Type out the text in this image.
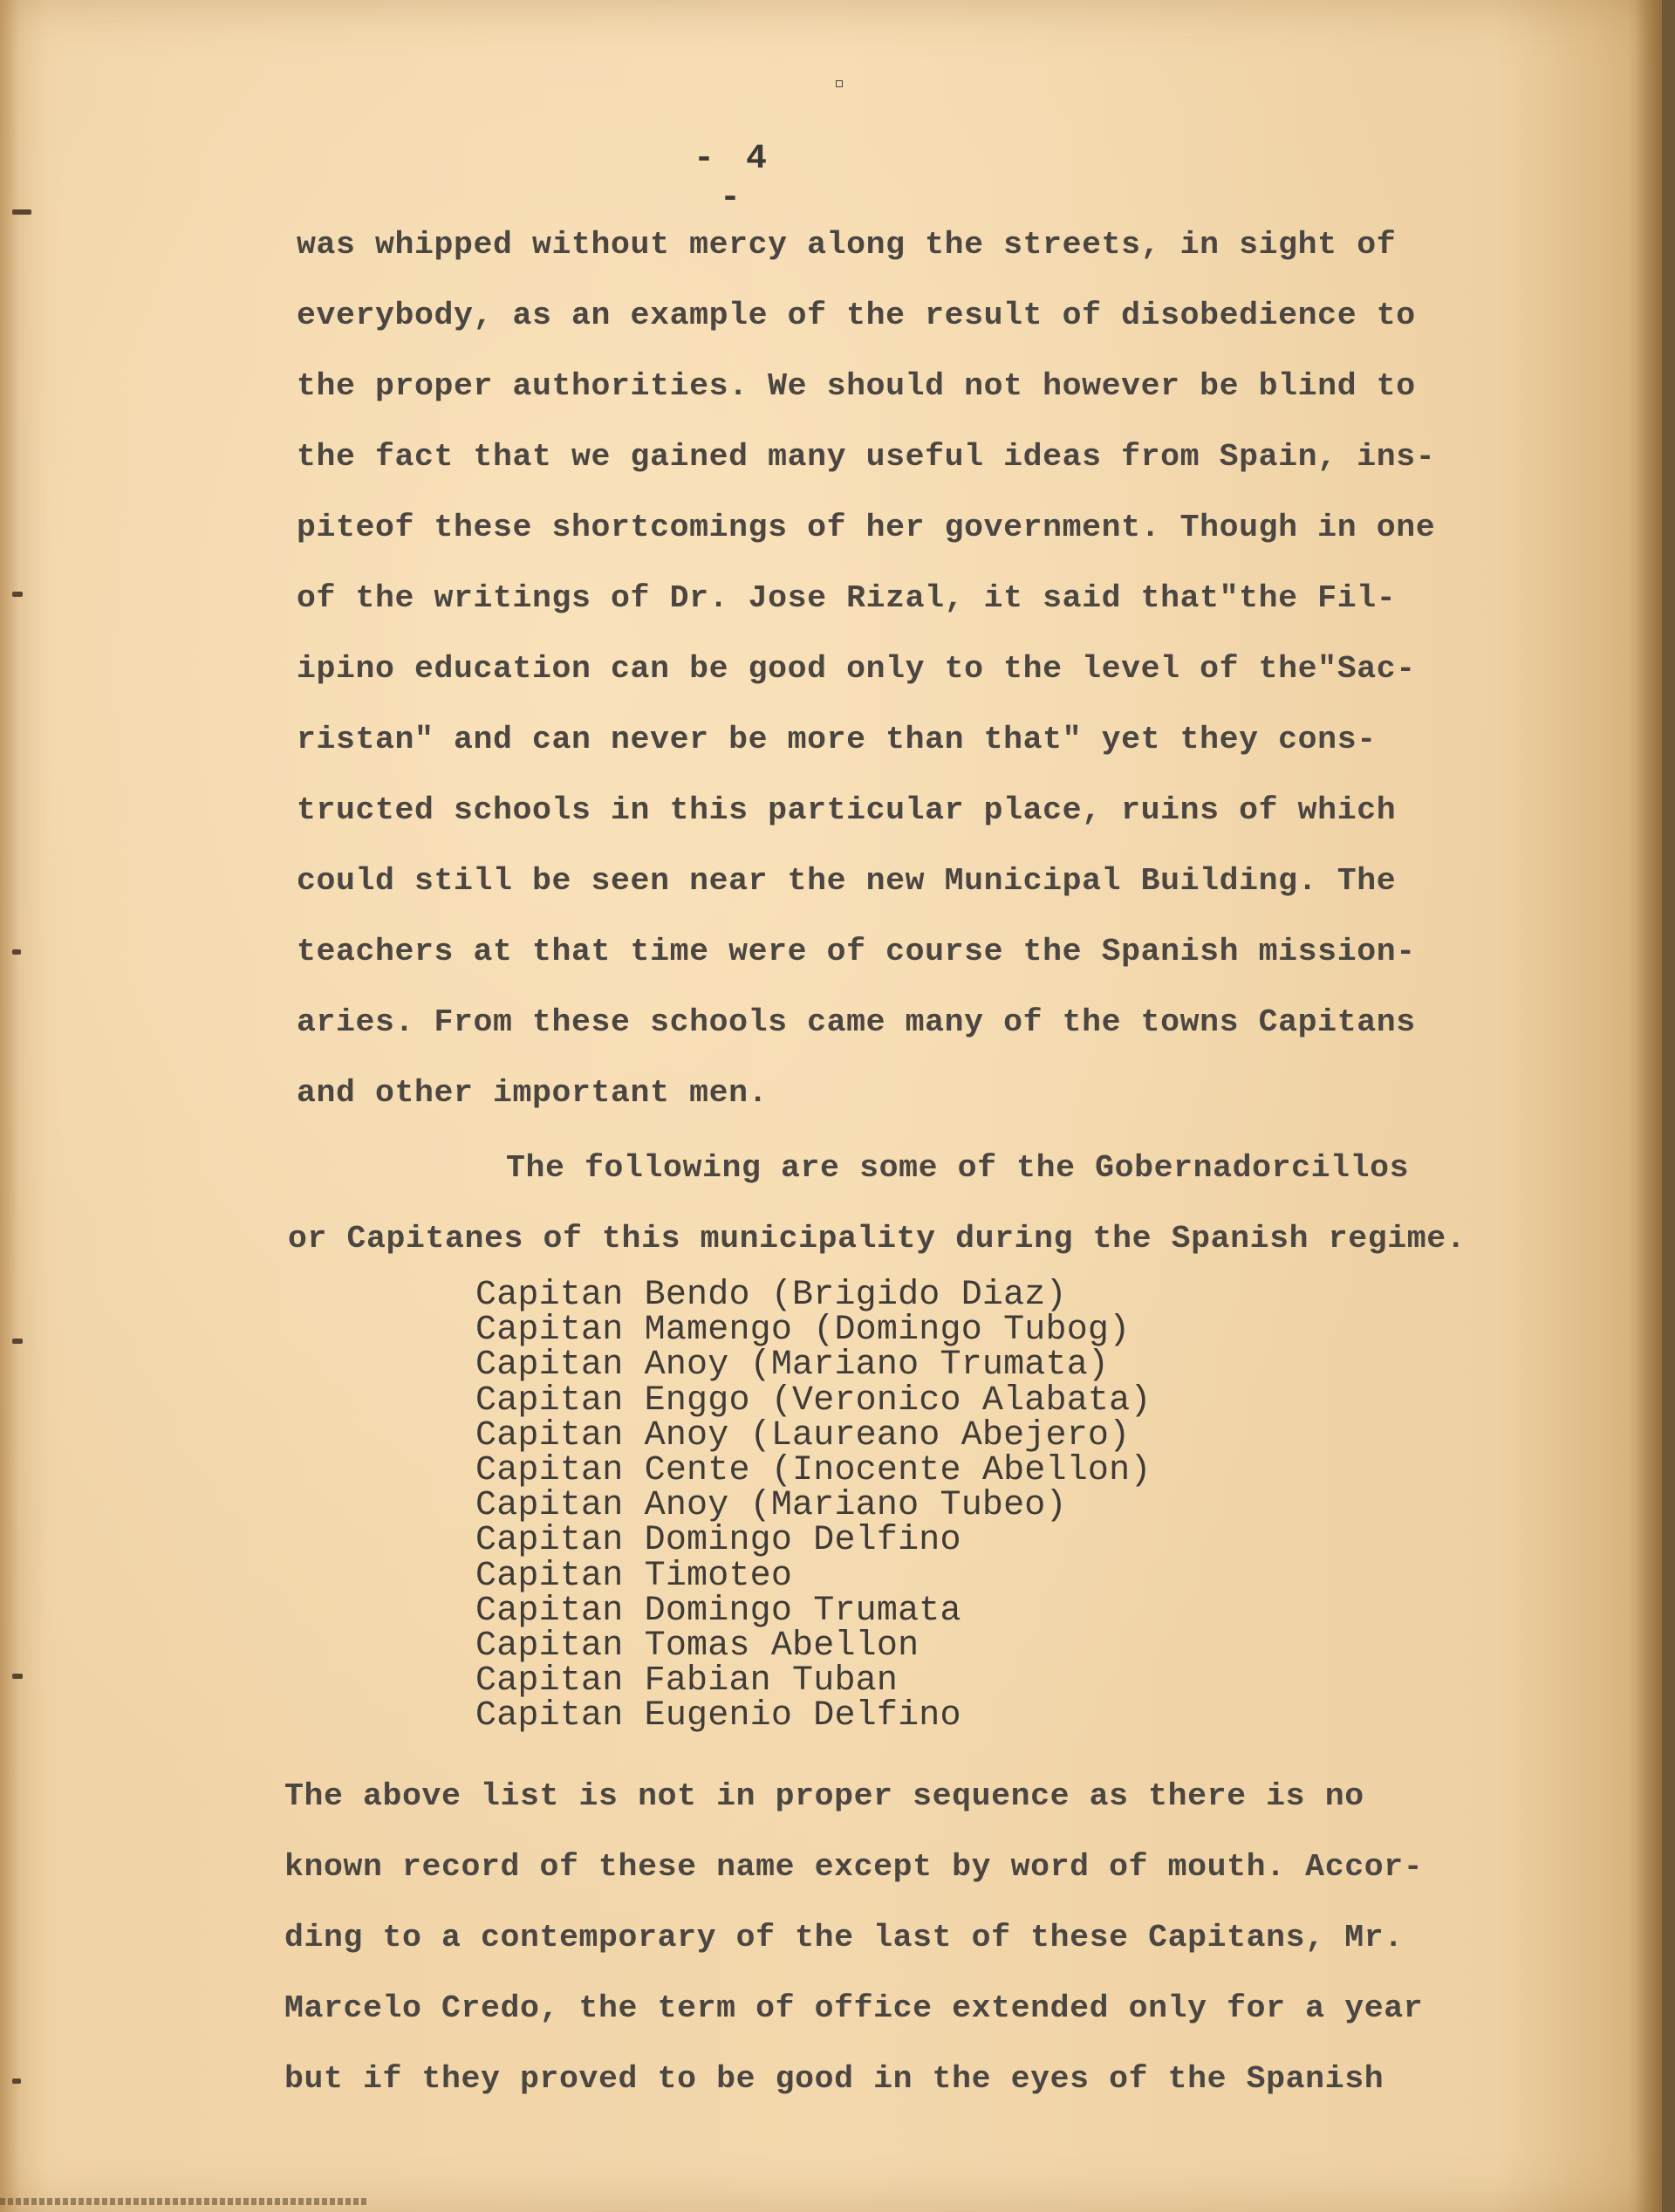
- 4 -

was whipped without mercy along the streets, in sight of
everybody, as an example of the result of disobedience to
the proper authorities. We should not however be blind to
the fact that we gained many useful ideas from Spain, ins-
piteof these shortcomings of her government. Though in one
of the writings of Dr. Jose Rizal, it said that"the Fil-
ipino education can be good only to the level of the"Sac-
ristan" and can never be more than that" yet they cons-
tructed schools in this particular place, ruins of which
could still be seen near the new Municipal Building. The
teachers at that time were of course the Spanish mission-
aries. From these schools came many of the towns Capitans
and other important men.

The following are some of the Gobernadorcillos
or Capitanes of this municipality during the Spanish regime.

Capitan Bendo (Brigido Diaz)
Capitan Mamengo (Domingo Tubog)
Capitan Anoy (Mariano Trumata)
Capitan Enggo (Veronico Alabata)
Capitan Anoy (Laureano Abejero)
Capitan Cente (Inocente Abellon)
Capitan Anoy (Mariano Tubeo)
Capitan Domingo Delfino
Capitan Timoteo
Capitan Domingo Trumata
Capitan Tomas Abellon
Capitan Fabian Tuban
Capitan Eugenio Delfino

The above list is not in proper sequence as there is no
known record of these name except by word of mouth. Accor-
ding to a contemporary of the last of these Capitans, Mr.
Marcelo Credo, the term of office extended only for a year
but if they proved to be good in the eyes of the Spanish
